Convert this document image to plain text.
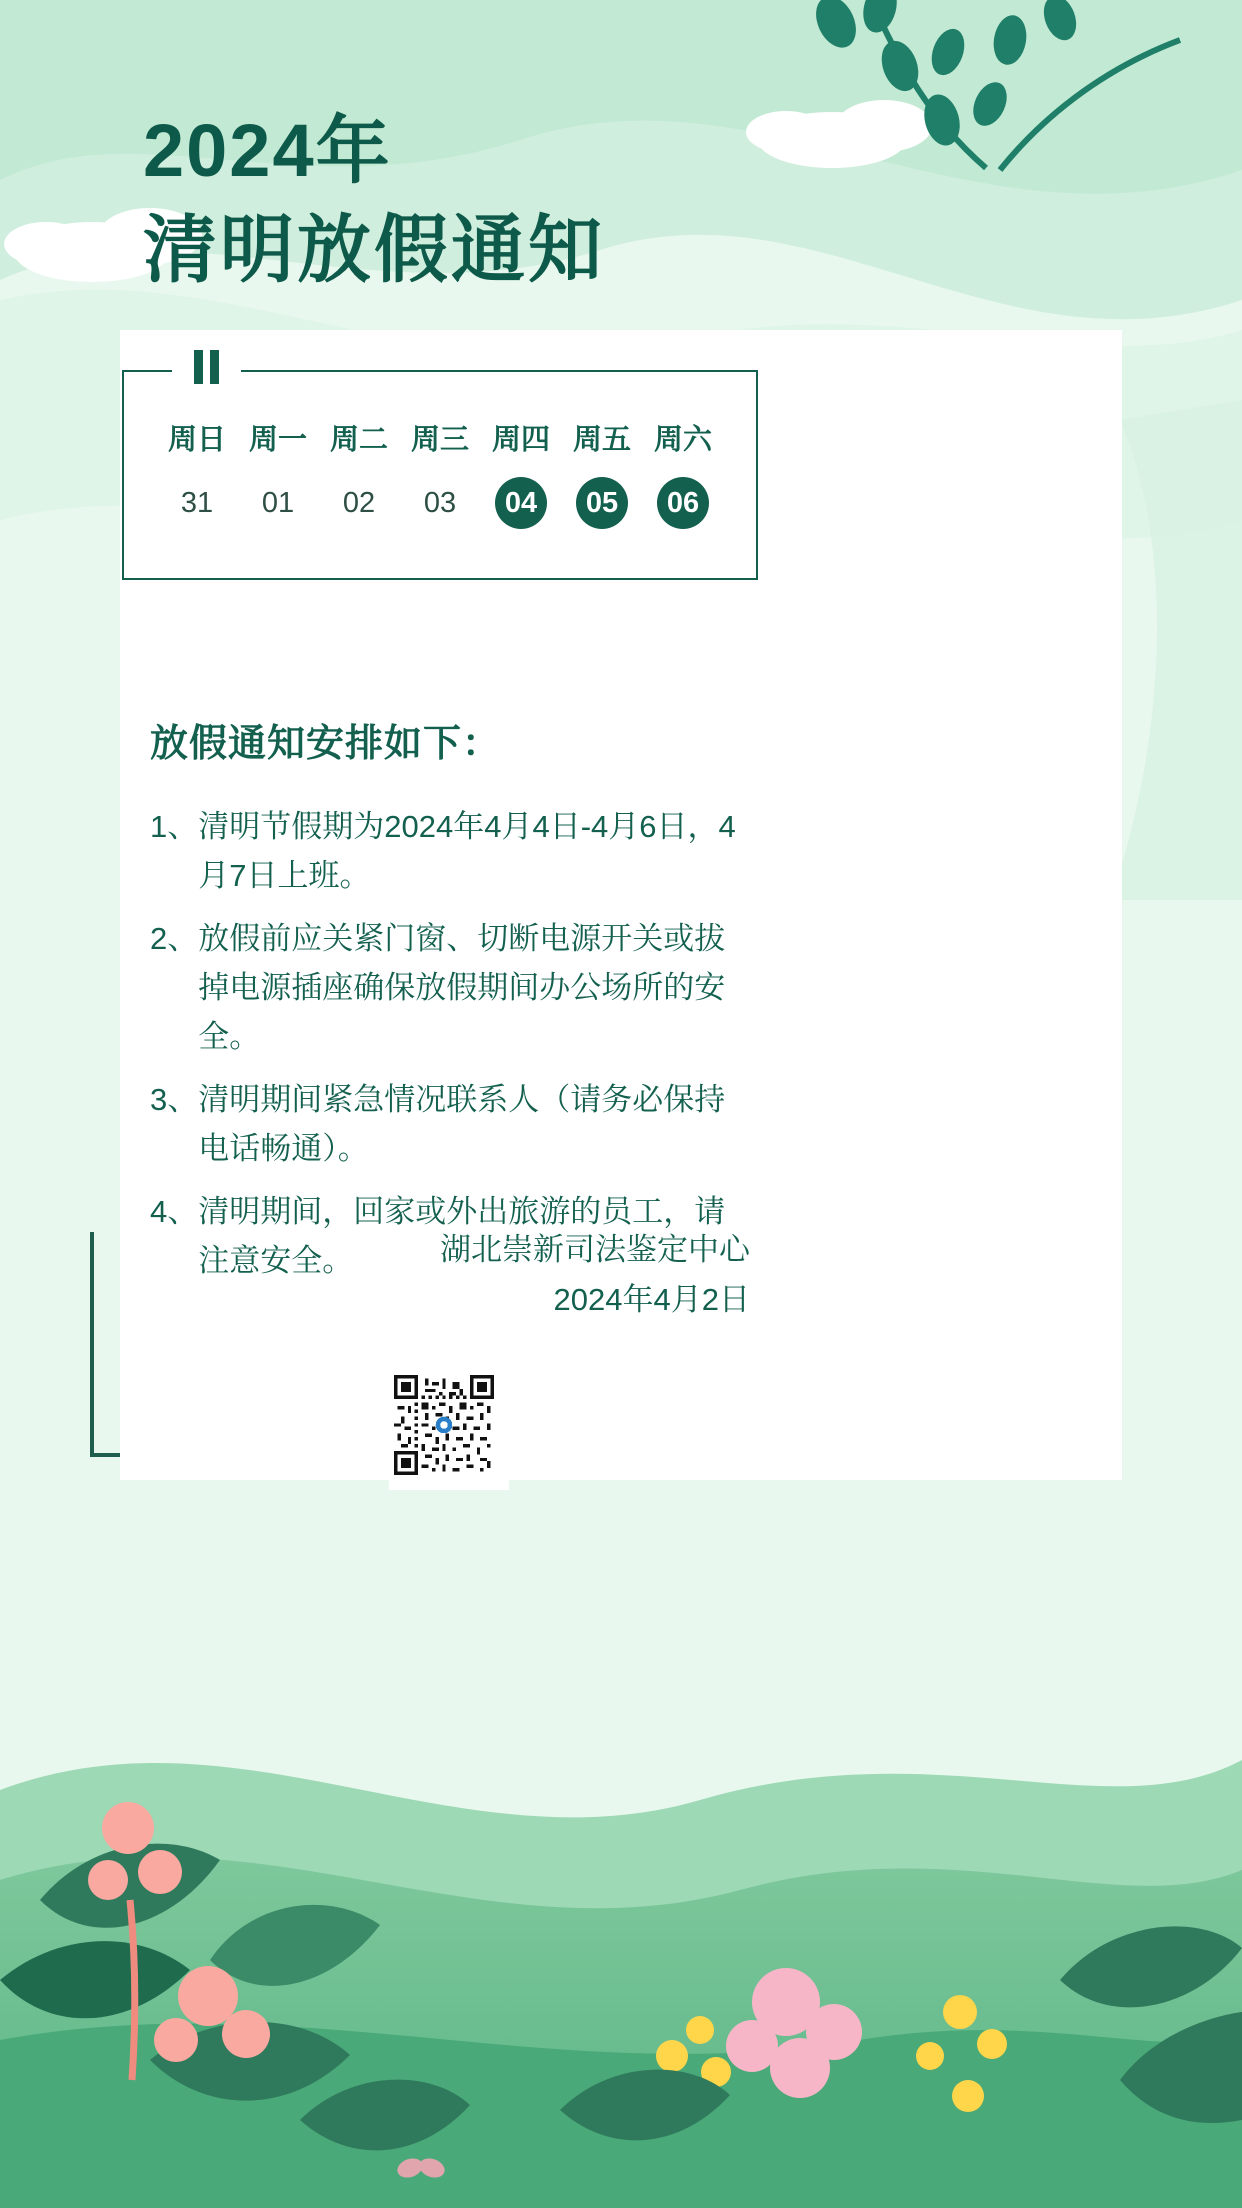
2024年
清明放假通知
周日
31
周一
01
周二
02
周三
03
周四
04
周五
05
周六
06
放假通知安排如下：
1、 清明节假期为2024年4月4日-4月6日，4月7日上班。
2、 放假前应关紧门窗、切断电源开关或拔掉电源插座确保放假期间办公场所的安全。
3、 清明期间紧急情况联系人（请务必保持电话畅通）。
4、 清明期间，回家或外出旅游的员工，请注意安全。	湖北崇新司法鉴定中心
2024年4月2日
